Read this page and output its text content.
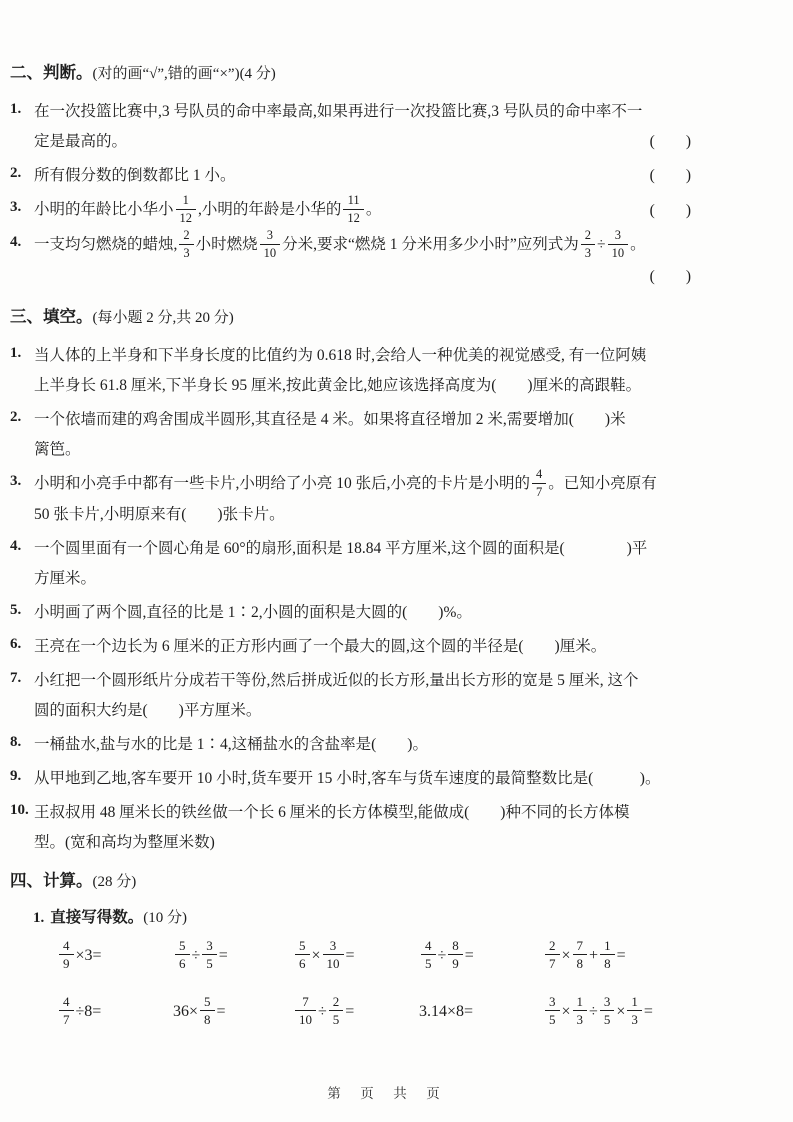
二、判断。(对的画“√”,错的画“×”)(4 分)
1. 在一次投篮比赛中,3 号队员的命中率最高,如果再进行一次投篮比赛,3 号队员的命中率不一
定是最高的。	(　　)
2. 所有假分数的倒数都比 1 小。	(　　)
3. 小明的年龄比小华小 $\frac{1}{12}$ ,小明的年龄是小华的 $\frac{11}{12}$ 。	(　　)
4. 一支均匀燃烧的蜡烛, $\frac{2}{3}$ 小时燃烧 $\frac{3}{10}$ 分米,要求“燃烧 1 分米用多少小时”应列式为 $\frac{2}{3} \div \frac{3}{10}$ 。
(　　)
三、填空。(每小题 2 分,共 20 分)
1. 当人体的上半身和下半身长度的比值约为 0.618 时,会给人一种优美的视觉感受, 有一位阿姨
上半身长 61.8 厘米,下半身长 95 厘米,按此黄金比,她应该选择高度为(　　)厘米的高跟鞋。
2. 一个依墙而建的鸡舍围成半圆形,其直径是 4 米。如果将直径增加 2 米,需要增加(　　)米
篱笆。
3. 小明和小亮手中都有一些卡片,小明给了小亮 10 张后,小亮的卡片是小明的 $\frac{4}{7}$ 。已知小亮原有
50 张卡片,小明原来有(　　)张卡片。
4. 一个圆里面有一个圆心角是 60°的扇形,面积是 18.84 平方厘米,这个圆的面积是(　　　　)平
方厘米。
5. 小明画了两个圆,直径的比是 1∶2,小圆的面积是大圆的(　　)%。
6. 王亮在一个边长为 6 厘米的正方形内画了一个最大的圆,这个圆的半径是(　　)厘米。
7. 小红把一个圆形纸片分成若干等份,然后拼成近似的长方形,量出长方形的宽是 5 厘米, 这个
圆的面积大约是(　　)平方厘米。
8. 一桶盐水,盐与水的比是 1∶4,这桶盐水的含盐率是(　　)。
9. 从甲地到乙地,客车要开 10 小时,货车要开 15 小时,客车与货车速度的最简整数比是(　　　)。
10. 王叔叔用 48 厘米长的铁丝做一个长 6 厘米的长方体模型,能做成(　　)种不同的长方体模
型。(宽和高均为整厘米数)
四、计算。(28 分)
1. 直接写得数。(10 分)
$\frac{4}{9} \times 3=$	$\frac{5}{6} \div \frac{3}{5}$ =	$\frac{5}{6} \times \frac{3}{10}$ =	$\frac{4}{5} \div \frac{8}{9}$ =	$\frac{2}{7} \times \frac{7}{8} + \frac{1}{8}$ =
$\frac{4}{7} \div 8=$	$36\times \frac{5}{8}$ =	$\frac{7}{10} \div \frac{2}{5}$ =	3.14×8=	$\frac{3}{5} \times \frac{1}{3} \div \frac{3}{5} \times \frac{1}{3}$ =
第　页　共　页
